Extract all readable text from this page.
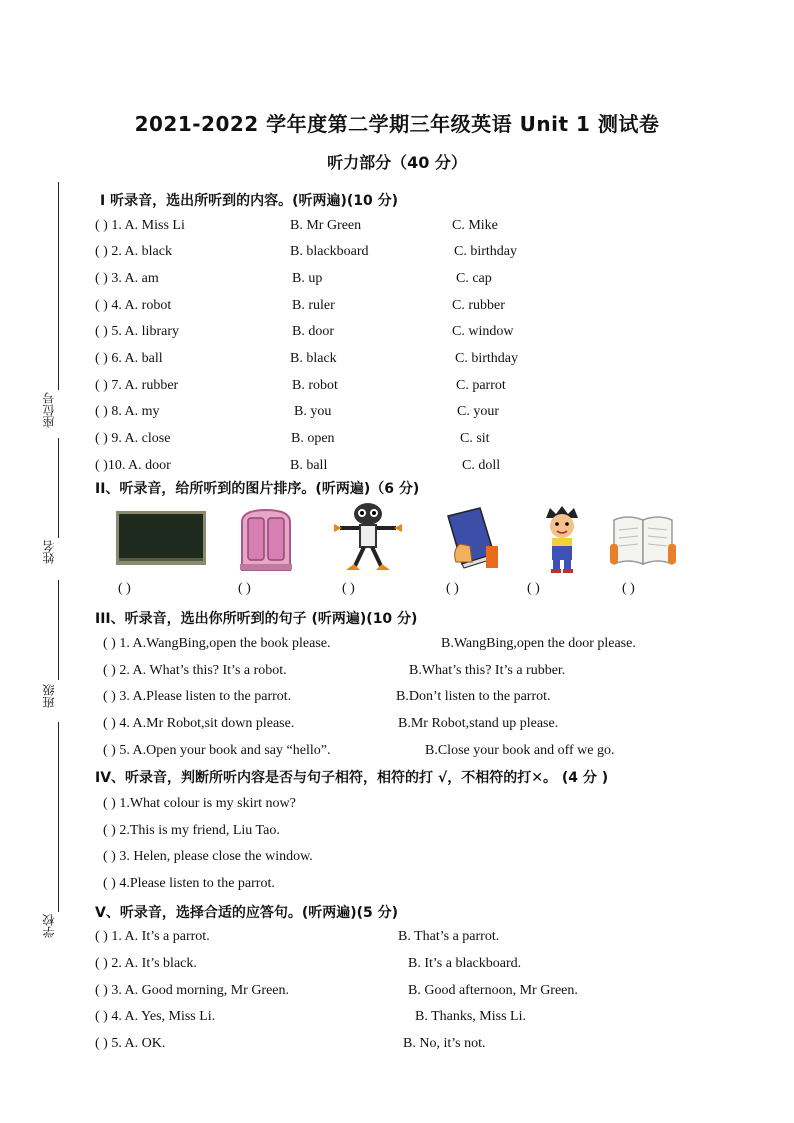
2021-2022 学年度第二学期三年级英语 Unit 1 测试卷
听力部分（40 分）
座位号
姓名
班级
学校
I 听录音，选出所听到的内容。(听两遍)(10 分)
( ) 1. A. Miss Li	B. Mr Green	C. Mike
( ) 2. A. black	B. blackboard	C. birthday
( ) 3. A. am	B. up	C. cap
( ) 4. A. robot	B. ruler	C. rubber
( ) 5. A. library	B. door	C. window
( ) 6. A. ball	B. black	C. birthday
( ) 7. A. rubber	B. robot	C. parrot
( ) 8. A. my	B. you	C. your
( ) 9. A. close	B. open	C. sit
( )10. A. door	B. ball	C. doll
II、听录音，给所听到的图片排序。(听两遍)（6 分)
( )	( )	( )	( )	( )	( )
III、听录音，选出你所听到的句子 (听两遍)(10 分)
( ) 1. A.WangBing,open the book please.	B.WangBing,open the door please.
( ) 2. A. What’s this? It’s a robot.	B.What’s this? It’s a rubber.
( ) 3. A.Please listen to the parrot.	B.Don’t listen to the parrot.
( ) 4. A.Mr Robot,sit down please.	B.Mr Robot,stand up please.
( ) 5. A.Open your book and say “hello”.	B.Close your book and off we go.
IV、听录音，判断所听内容是否与句子相符，相符的打 √，不相符的打✕。 (4 分 )
( ) 1.What colour is my skirt now?
( ) 2.This is my friend, Liu Tao.
( ) 3. Helen, please close the window.
( ) 4.Please listen to the parrot.
V、听录音，选择合适的应答句。(听两遍)(5 分)
( ) 1. A. It’s a parrot.	B. That’s a parrot.
( ) 2. A. It’s black.	B. It’s a blackboard.
( ) 3. A. Good morning, Mr Green.	B. Good afternoon, Mr Green.
( ) 4. A. Yes, Miss Li.	B. Thanks, Miss Li.
( ) 5. A. OK.	B. No, it’s not.
